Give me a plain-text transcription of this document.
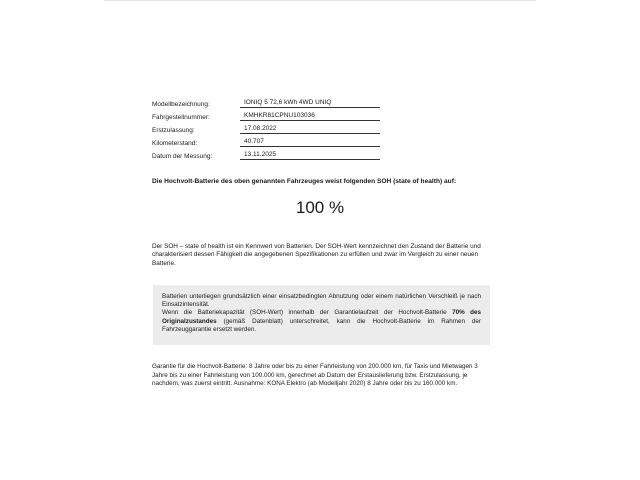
Modellbezeichnung:	IONIQ 5 72,6 kWh 4WD UNIQ
Fahrgestellnummer:	KMHKR81CPNU103036
Erstzulassung:	17.08.2022
Kilometerstand:	40.707
Datum der Messung:	13.11.2025
Die Hochvolt-Batterie des oben genannten Fahrzeuges weist folgenden SOH (state of health) auf:
100 %
Der SOH – state of health ist ein Kennwert von Batterien. Der SOH-Wert kennzeichnet den Zustand der Batterie und charakterisiert dessen Fähigkeit die angegebenen Spezifikationen zu erfüllen und zwar im Vergleich zu einer neuen Batterie.

Batterien unterliegen grundsätzlich einer einsatzbedingten Abnutzung oder einem natürlichen Verschleiß je nach Einsatzintensität.

Wenn die Batteriekapazität (SOH-Wert) innerhalb der Garantielaufzeit der Hochvolt-Batterie 70% des Originalzustandes (gemäß Datenblatt) unterschreitet, kann die Hochvolt-Batterie im Rahmen der Fahrzeuggarantie ersetzt werden.

Garantie für die Hochvolt-Batterie: 8 Jahre oder bis zu einer Fahrleistung von 200.000 km, für Taxis und Mietwagen 3 Jahre bis zu einer Fahrleistung von 100.000 km, gerechnet ab Datum der Erstauslieferung bzw. Erstzulassung, je nachdem, was zuerst eintritt. Ausnahme: KONA Elektro (ab Modelljahr 2020) 8 Jahre oder bis zu 160.000 km.
